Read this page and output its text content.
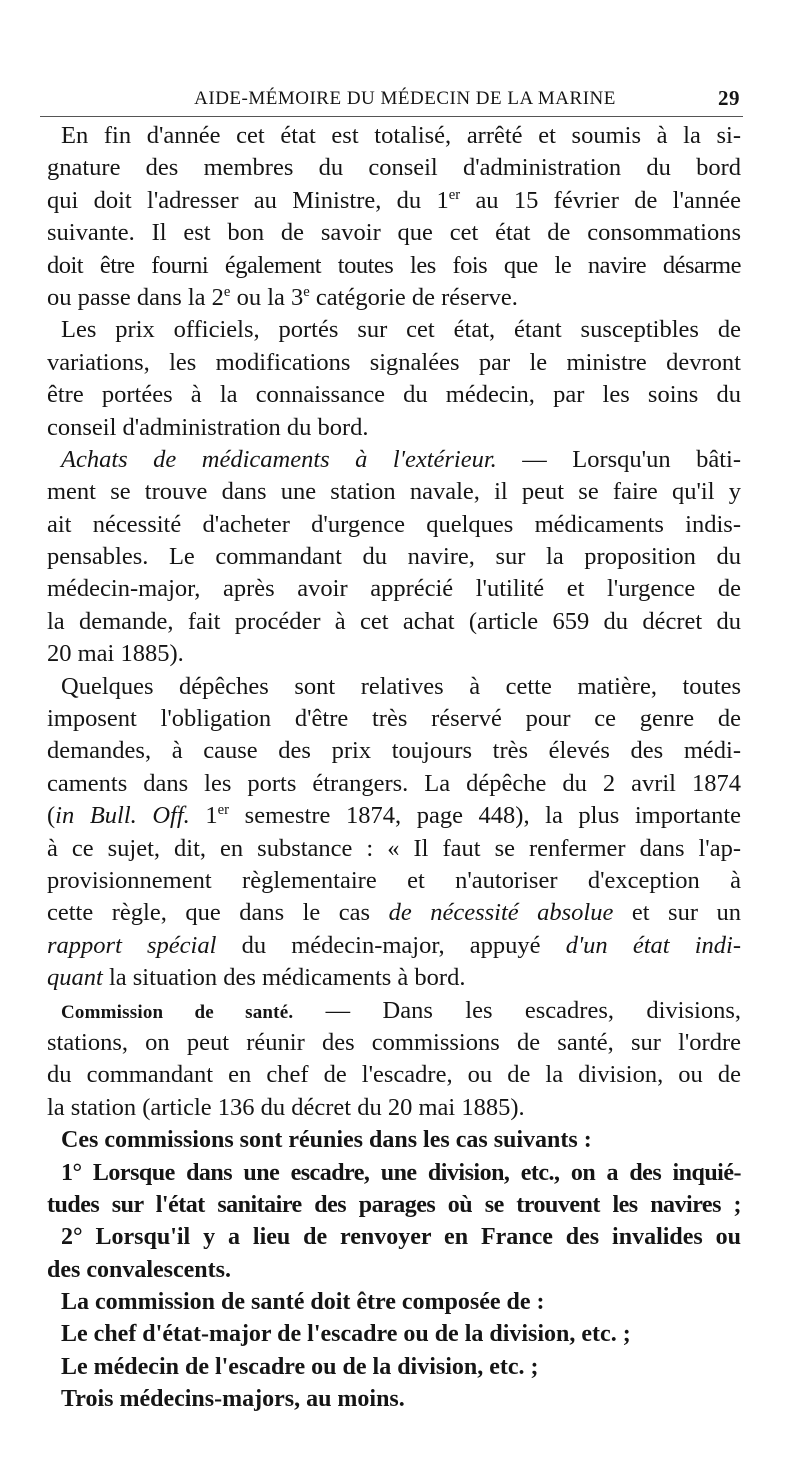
AIDE-MÉMOIRE DU MÉDECIN DE LA MARINE	29
En fin d'année cet état est totalisé, arrêté et soumis à la si-
gnature des membres du conseil d'administration du bord
qui doit l'adresser au Ministre, du 1er au 15 février de l'année
suivante. Il est bon de savoir que cet état de consommations
doit être fourni également toutes les fois que le navire désarme
ou passe dans la 2e ou la 3e catégorie de réserve.
Les prix officiels, portés sur cet état, étant susceptibles de
variations, les modifications signalées par le ministre devront
être portées à la connaissance du médecin, par les soins du
conseil d'administration du bord.
Achats de médicaments à l'extérieur. — Lorsqu'un bâti-
ment se trouve dans une station navale, il peut se faire qu'il y
ait nécessité d'acheter d'urgence quelques médicaments indis-
pensables. Le commandant du navire, sur la proposition du
médecin-major, après avoir apprécié l'utilité et l'urgence de
la demande, fait procéder à cet achat (article 659 du décret du
20 mai 1885).
Quelques dépêches sont relatives à cette matière, toutes
imposent l'obligation d'être très réservé pour ce genre de
demandes, à cause des prix toujours très élevés des médi-
caments dans les ports étrangers. La dépêche du 2 avril 1874
(in Bull. Off. 1er semestre 1874, page 448), la plus importante
à ce sujet, dit, en substance : « Il faut se renfermer dans l'ap-
provisionnement règlementaire et n'autoriser d'exception à
cette règle, que dans le cas de nécessité absolue et sur un
rapport spécial du médecin-major, appuyé d'un état indi-
quant la situation des médicaments à bord.
Commission de santé. — Dans les escadres, divisions,
stations, on peut réunir des commissions de santé, sur l'ordre
du commandant en chef de l'escadre, ou de la division, ou de
la station (article 136 du décret du 20 mai 1885).
Ces commissions sont réunies dans les cas suivants :
1° Lorsque dans une escadre, une division, etc., on a des inquié-
tudes sur l'état sanitaire des parages où se trouvent les navires ;
2° Lorsqu'il y a lieu de renvoyer en France des invalides ou
des convalescents.
La commission de santé doit être composée de :
Le chef d'état-major de l'escadre ou de la division, etc. ;
Le médecin de l'escadre ou de la division, etc. ;
Trois médecins-majors, au moins.
